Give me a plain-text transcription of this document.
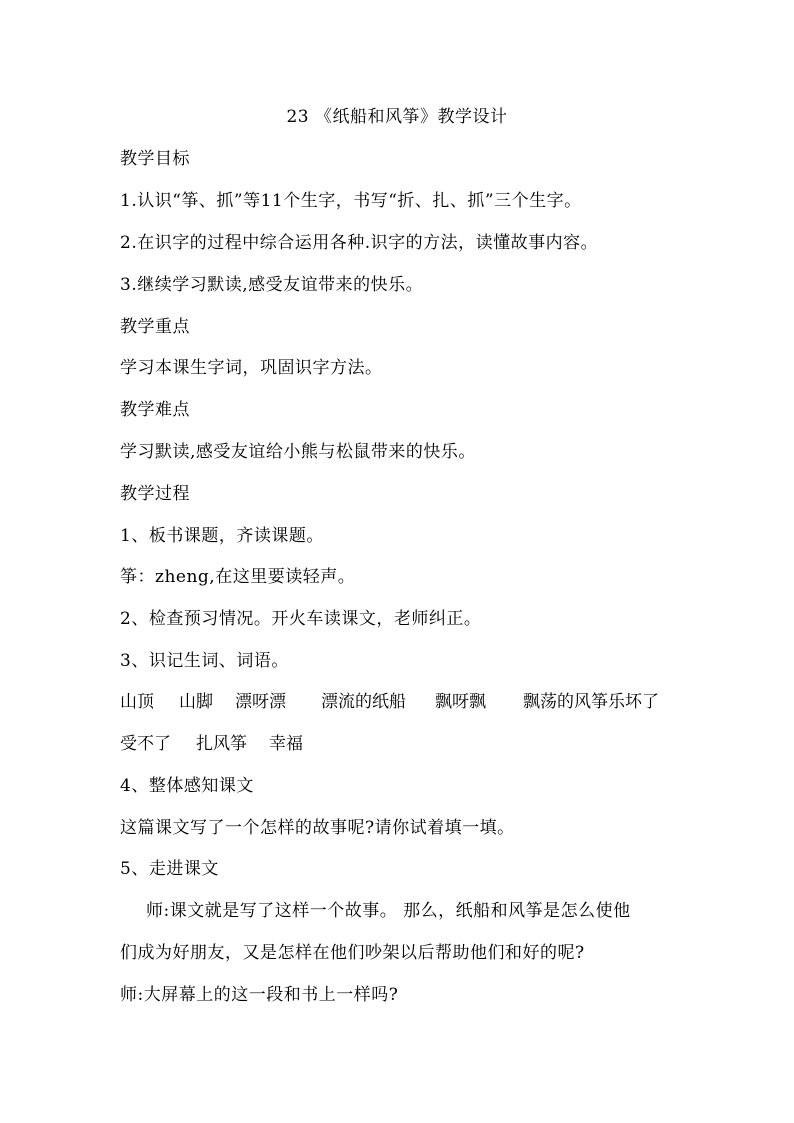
23 《纸船和风筝》教学设计
教学目标
1.认识“筝、抓”等11个生字，书写“折、扎、抓”三个生字。
2.在识字的过程中综合运用各种.识字的方法，读懂故事内容。
3.继续学习默读,感受友谊带来的快乐。
教学重点
学习本课生字词，巩固识字方法。
教学难点
学习默读,感受友谊给小熊与松鼠带来的快乐。
教学过程
1、板书课题，齐读课题。
筝：zheng,在这里要读轻声。
2、检查预习情况。开火车读课文，老师纠正。
3、识记生词、词语。
山顶 山脚 漂呀漂 漂流的纸船 飘呀飘 飘荡的风筝乐坏了
受不了 扎风筝 幸福
4、整体感知课文
这篇课文写了一个怎样的故事呢?请你试着填一填。
5、走进课文
师:课文就是写了这样一个故事。 那么，纸船和风筝是怎么使他
们成为好朋友，又是怎样在他们吵架以后帮助他们和好的呢?
师:大屏幕上的这一段和书上一样吗?
